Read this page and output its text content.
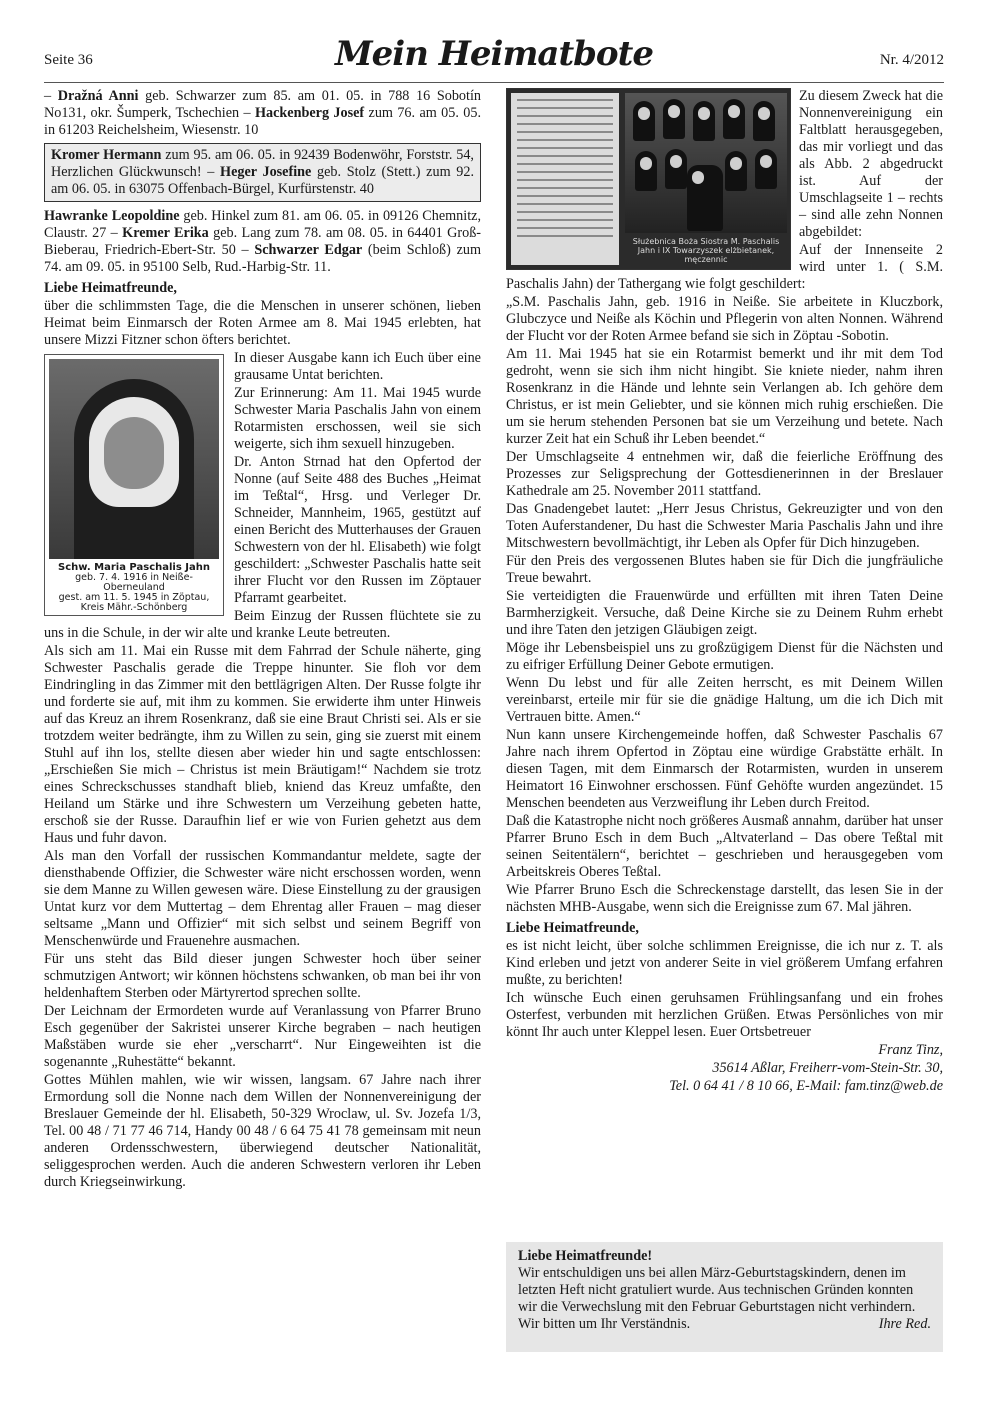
Seite 36	Mein Heimatbote	Nr. 4/2012

– Dražná Anni geb. Schwarzer zum 85. am 01. 05. in 788 16 Sobotín No131, okr. Šumperk, Tschechien – Hackenberg Josef zum 76. am 05. 05. in 61203 Reichelsheim, Wiesenstr. 10

Kromer Hermann zum 95. am 06. 05. in 92439 Bodenwöhr, Forststr. 54, Herzlichen Glückwunsch! – Heger Josefine geb. Stolz (Stett.) zum 92. am 06. 05. in 63075 Offenbach-Bürgel, Kurfürstenstr. 40

Hawranke Leopoldine geb. Hinkel zum 81. am 06. 05. in 09126 Chemnitz, Claustr. 27 – Kremer Erika geb. Lang zum 78. am 08. 05. in 64401 Groß-Bieberau, Friedrich-Ebert-Str. 50 – Schwarzer Edgar (beim Schloß) zum 74. am 09. 05. in 95100 Selb, Rud.-Harbig-Str. 11.

Liebe Heimatfreunde,

über die schlimmsten Tage, die die Menschen in unserer schönen, lieben Heimat beim Einmarsch der Roten Armee am 8. Mai 1945 erlebten, hat unsere Mizzi Fitzner schon öfters berichtet.

Schw. Maria Paschalis Jahn
geb. 7. 4. 1916 in Neiße-Oberneuland
gest. am 11. 5. 1945 in Zöptau,
Kreis Mähr.-Schönberg

In dieser Ausgabe kann ich Euch über eine grausame Untat berichten.

Zur Erinnerung: Am 11. Mai 1945 wurde Schwester Maria Paschalis Jahn von einem Rotarmisten erschossen, weil sie sich weigerte, sich ihm sexuell hinzugeben.

Dr. Anton Strnad hat den Opfertod der Nonne (auf Seite 488 des Buches „Heimat im Teßtal“, Hrsg. und Verleger Dr. Schneider, Mannheim, 1965, gestützt auf einen Bericht des Mutterhauses der Grauen Schwestern von der hl. Elisabeth) wie folgt geschildert: „Schwester Paschalis hatte seit ihrer Flucht vor den Russen im Zöptauer Pfarramt gearbeitet.

Beim Einzug der Russen flüchtete sie zu uns in die Schule, in der wir alte und kranke Leute betreuten.

Als sich am 11. Mai ein Russe mit dem Fahrrad der Schule näherte, ging Schwester Paschalis gerade die Treppe hinunter. Sie floh vor dem Eindringling in das Zimmer mit den bettlägrigen Alten. Der Russe folgte ihr und forderte sie auf, mit ihm zu kommen. Sie erwiderte ihm unter Hinweis auf das Kreuz an ihrem Rosenkranz, daß sie eine Braut Christi sei. Als er sie trotzdem weiter bedrängte, ihm zu Willen zu sein, ging sie zuerst mit einem Stuhl auf ihn los, stellte diesen aber wieder hin und sagte entschlossen: „Erschießen Sie mich – Christus ist mein Bräutigam!“ Nachdem sie trotz eines Schreckschusses standhaft blieb, kniend das Kreuz umfaßte, den Heiland um Stärke und ihre Schwestern um Verzeihung gebeten hatte, erschoß sie der Russe. Daraufhin lief er wie von Furien gehetzt aus dem Haus und fuhr davon.

Als man den Vorfall der russischen Kommandantur meldete, sagte der diensthabende Offizier, die Schwester wäre nicht erschossen worden, wenn sie dem Manne zu Willen gewesen wäre. Diese Einstellung zu der grausigen Untat kurz vor dem Muttertag – dem Ehrentag aller Frauen – mag dieser seltsame „Mann und Offizier“ mit sich selbst und seinem Begriff von Menschenwürde und Frauenehre ausmachen.

Für uns steht das Bild dieser jungen Schwester hoch über seiner schmutzigen Antwort; wir können höchstens schwanken, ob man bei ihr von heldenhaftem Sterben oder Märtyrertod sprechen sollte.

Der Leichnam der Ermordeten wurde auf Veranlassung von Pfarrer Bruno Esch gegenüber der Sakristei unserer Kirche begraben – nach heutigen Maßstäben wurde sie eher „verscharrt“. Nur Eingeweihten ist die sogenannte „Ruhestätte“ bekannt.

Gottes Mühlen mahlen, wie wir wissen, langsam. 67 Jahre nach ihrer Ermordung soll die Nonne nach dem Willen der Nonnenvereinigung der Breslauer Gemeinde der hl. Elisabeth, 50-329 Wroclaw, ul. Sv. Jozefa 1/3, Tel. 00 48 / 71 77 46 714, Handy 00 48 / 6 64 75 41 78 gemeinsam mit neun anderen Ordensschwestern, überwiegend deutscher Nationalität, seliggesprochen werden. Auch die anderen Schwestern verloren ihr Leben durch Kriegseinwirkung.

Służebnica Boża Siostra M. Paschalis Jahn i IX Towarzyszek elżbietanek, męczennic

Zu diesem Zweck hat die Nonnenvereinigung ein Faltblatt herausgegeben, das mir vorliegt und das als Abb. 2 abgedruckt ist. Auf der Umschlagseite 1 – rechts – sind alle zehn Nonnen abgebildet:

Auf der Innenseite 2 wird unter 1. ( S.M. Paschalis Jahn) der Tathergang wie folgt geschildert:

„S.M. Paschalis Jahn, geb. 1916 in Neiße. Sie arbeitete in Kluczbork, Glubczyce und Neiße als Köchin und Pflegerin von alten Nonnen. Während der Flucht vor der Roten Armee befand sie sich in Zöptau -Sobotin.

Am 11. Mai 1945 hat sie ein Rotarmist bemerkt und ihr mit dem Tod gedroht, wenn sie sich ihm nicht hingibt. Sie kniete nieder, nahm ihren Rosenkranz in die Hände und lehnte sein Verlangen ab. Ich gehöre dem Christus, er ist mein Geliebter, und sie können mich ruhig erschießen. Die um sie herum stehenden Personen bat sie um Verzeihung und betete. Nach kurzer Zeit hat ein Schuß ihr Leben beendet.“

Der Umschlagseite 4 entnehmen wir, daß die feierliche Eröffnung des Prozesses zur Seligsprechung der Gottesdienerinnen in der Breslauer Kathedrale am 25. November 2011 stattfand.

Das Gnadengebet lautet: „Herr Jesus Christus, Gekreuzigter und von den Toten Auferstandener, Du hast die Schwester Maria Paschalis Jahn und ihre Mitschwestern bevollmächtigt, ihr Leben als Opfer für Dich hinzugeben.

Für den Preis des vergossenen Blutes haben sie für Dich die jungfräuliche Treue bewahrt.

Sie verteidigten die Frauenwürde und erfüllten mit ihren Taten Deine Barmherzigkeit. Versuche, daß Deine Kirche sie zu Deinem Ruhm erhebt und ihre Taten den jetzigen Gläubigen zeigt.

Möge ihr Lebensbeispiel uns zu großzügigem Dienst für die Nächsten und zu eifriger Erfüllung Deiner Gebote ermutigen.

Wenn Du lebst und für alle Zeiten herrscht, es mit Deinem Willen vereinbarst, erteile mir für sie die gnädige Haltung, um die ich Dich mit Vertrauen bitte. Amen.“

Nun kann unsere Kirchengemeinde hoffen, daß Schwester Paschalis 67 Jahre nach ihrem Opfertod in Zöptau eine würdige Grabstätte erhält. In diesen Tagen, mit dem Einmarsch der Rotarmisten, wurden in unserem Heimatort 16 Einwohner erschossen. Fünf Gehöfte wurden angezündet. 15 Menschen beendeten aus Verzweiflung ihr Leben durch Freitod.

Daß die Katastrophe nicht noch größeres Ausmaß annahm, darüber hat unser Pfarrer Bruno Esch in dem Buch „Altvaterland – Das obere Teßtal mit seinen Seitentälern“, berichtet – geschrieben und herausgegeben vom Arbeitskreis Oberes Teßtal.

Wie Pfarrer Bruno Esch die Schreckenstage darstellt, das lesen Sie in der nächsten MHB-Ausgabe, wenn sich die Ereignisse zum 67. Mal jähren.

Liebe Heimatfreunde,

es ist nicht leicht, über solche schlimmen Ereignisse, die ich nur z. T. als Kind erleben und jetzt von anderer Seite in viel größerem Umfang erfahren mußte, zu berichten!

Ich wünsche Euch einen geruhsamen Frühlingsanfang und ein frohes Osterfest, verbunden mit herzlichen Grüßen. Etwas Persönliches von mir könnt Ihr auch unter Kleppel lesen. Euer Ortsbetreuer

Franz Tinz,

35614 Aßlar, Freiherr-vom-Stein-Str. 30,

Tel. 0 64 41 / 8 10 66, E-Mail: fam.tinz@web.de

Liebe Heimatfreunde!
Wir entschuldigen uns bei allen März-Geburtstagskindern, denen im letzten Heft nicht gratuliert wurde. Aus technischen Gründen konnten wir die Verwechslung mit den Februar Geburtstagen nicht verhindern. Wir bitten um Ihr Verständnis.	Ihre Red.
